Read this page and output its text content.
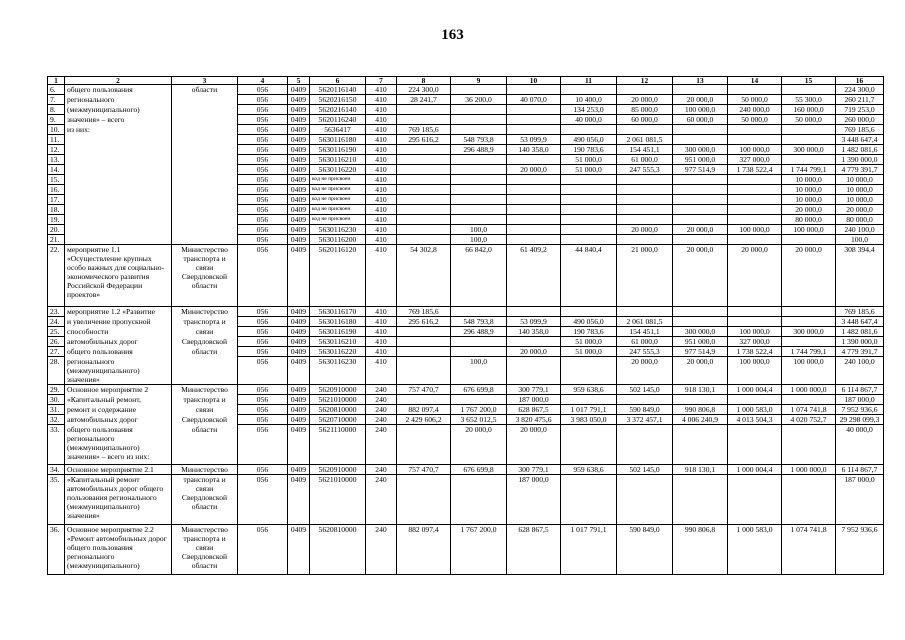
163
1	2	3	4	5	6	7	8	9	10	11	12	13	14	15	16
6.	общего пользования	области	056	0409	5620116140	410	224 300,0								224 300,0
7.	регионального		056	0409	5620216150	410	28 241,7	36 200,0	40 070,0	10 400,0	20 000,0	20 000,0	50 000,0	55 300,0	260 211,7
8.	(межмуниципального)		056	0409	5620216140	410				134 253,0	85 000,0	100 000,0	240 000,0	160 000,0	719 253,0
9.	значения» – всего		056	0409	5620116240	410				40 000,0	60 000,0	60 000,0	50 000,0	50 000,0	260 000,0
10.	из них:		056	0409	5636417	410	769 185,6								769 185,6
11.			056	0409	5630116180	410	295 616,2	548 793,8	53 099,9	490 056,0	2 061 081,5				3 448 647,4
12.			056	0409	5630116190	410		296 488,9	140 358,0	190 783,6	154 451,1	300 000,0	100 000,0	300 000,0	1 482 081,6
13.			056	0409	5630116210	410				51 000,0	61 000,0	951 000,0	327 000,0		1 390 000,0
14.			056	0409	5630116220	410			20 000,0	51 000,0	247 555,3	977 514,9	1 738 522,4	1 744 799,1	4 779 391,7
15.			056	0409	код не присвоен	410								10 000,0	10 000,0
16.			056	0409	код не присвоен	410								10 000,0	10 000,0
17.			056	0409	код не присвоен	410								10 000,0	10 000,0
18.			056	0409	код не присвоен	410								20 000,0	20 000,0
19.			056	0409	код не присвоен	410								80 000,0	80 000,0
20.			056	0409	5630116230	410		100,0			20 000,0	20 000,0	100 000,0	100 000,0	240 100,0
21.			056	0409	5630116200	410		100,0							100,0
22.	мероприятие 1.1 «Осуществление крупных особо важных для социально-экономического развития Российской Федерации проектов»	Министерство транспорта и связи Свердловской области	056	0409	5620116120	410	54 302,8	66 842,0	61 409,2	44 840,4	21 000,0	20 000,0	20 000,0	20 000,0	308 394,4
23.	мероприятие 1.2 «Развитие	Министерство	056	0409	5630116170	410	769 185,6								769 185,6
24.	и увеличение пропускной	транспорта и	056	0409	5630116180	410	295 616,2	548 793,8	53 099,9	490 056,0	2 061 081,5				3 448 647,4
25.	способности	связи	056	0409	5630116190	410		296 488,9	140 358,0	190 783,6	154 451,1	300 000,0	100 000,0	300 000,0	1 482 081,6
26.	автомобильных дорог	Свердловской	056	0409	5630116210	410				51 000,0	61 000,0	951 000,0	327 000,0		1 390 000,0
27.	общего пользования	области	056	0409	5630116220	410			20 000,0	51 000,0	247 555,3	977 514,9	1 738 522,4	1 744 799,1	4 779 391,7
28.	регионального (межмуниципального) значения»		056	0409	5630116230	410		100,0			20 000,0	20 000,0	100 000,0	100 000,0	240 100,0
29.	Основное мероприятие 2	Министерство	056	0409	5620910000	240	757 470,7	676 699,8	300 779,1	959 638,6	502 145,0	918 130,1	1 000 004,4	1 000 000,0	6 114 867,7
30.	«Капитальный ремонт,	транспорта и	056	0409	5621010000	240			187 000,0						187 000,0
31.	ремонт и содержание	связи	056	0409	5620810000	240	882 097,4	1 767 200,0	628 867,5	1 017 791,1	590 849,0	990 806,8	1 000 583,0	1 074 741,8	7 952 936,6
32.	автомобильных дорог	Свердловской	056	0409	5620710000	240	2 429 606,2	3 652 012,5	3 820 475,6	3 983 050,0	3 372 457,1	4 006 240,9	4 013 504,3	4 020 752,7	29 298 099,3
33.	общего пользования регионального (межмуниципального) значения» – всего из них:	области	056	0409	5621110000	240		20 000,0	20 000,0						40 000,0
34.	Основное мероприятие 2.1	Министерство	056	0409	5620910000	240	757 470,7	676 699,8	300 779,1	959 638,6	502 145,0	918 130,1	1 000 004,4	1 000 000,0	6 114 867,7
35.	«Капитальный ремонт автомобильных дорог общего пользования регионального (межмуниципального) значения»	транспорта и связи Свердловской области	056	0409	5621010000	240			187 000,0						187 000,0
36.	Основное мероприятие 2.2 «Ремонт автомобильных дорог общего пользования регионального (межмуниципального)	Министерство транспорта и связи Свердловской области	056	0409	5620810000	240	882 097,4	1 767 200,0	628 867,5	1 017 791,1	590 849,0	990 806,8	1 000 583,0	1 074 741,8	7 952 936,6
